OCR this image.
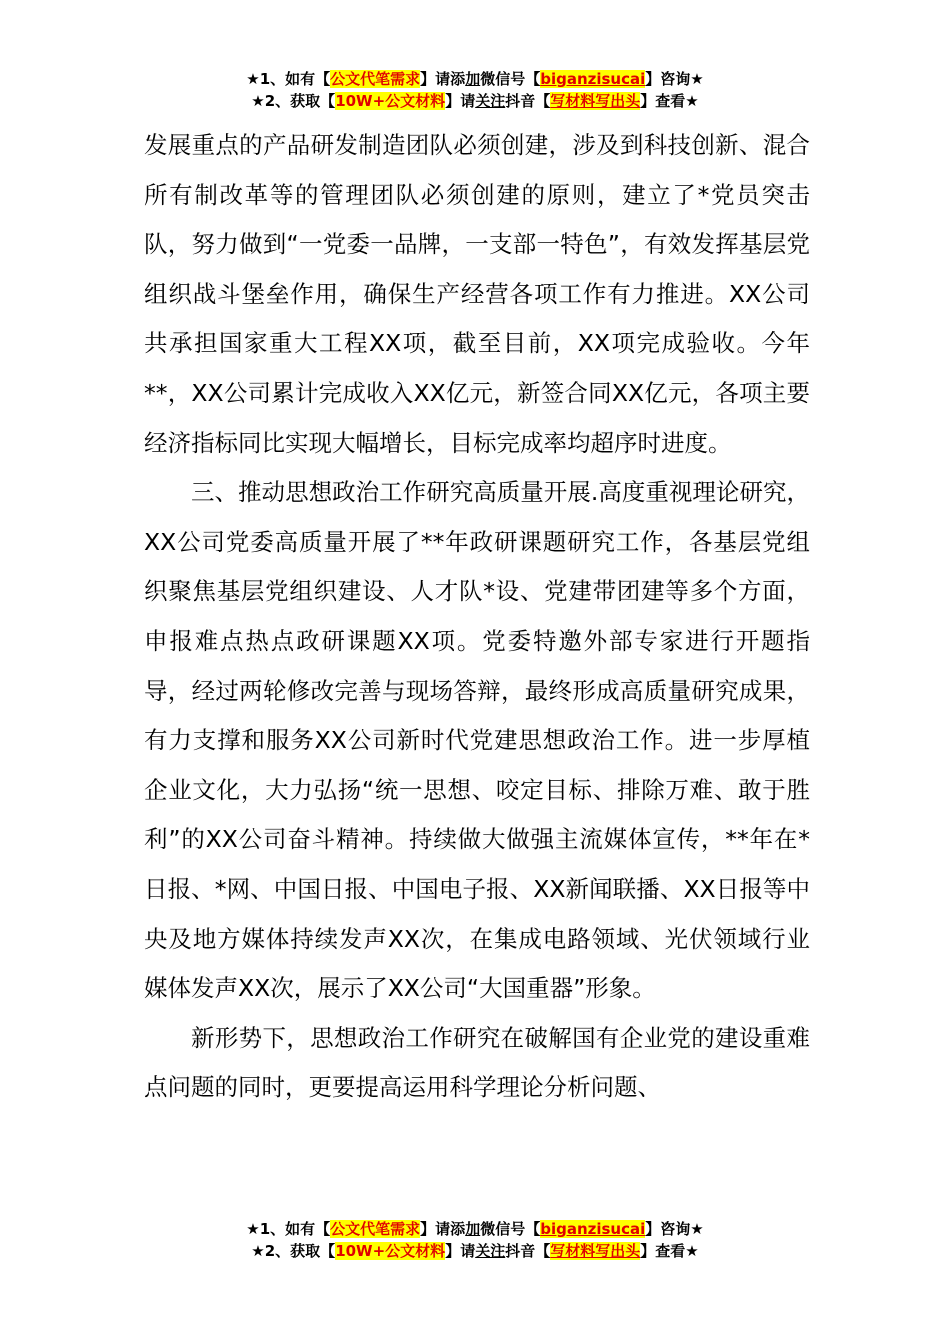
★1、如有【公文代笔需求】请添加微信号【biganzisucai】咨询★
★2、获取【10W+公文材料】请关注抖音【写材料写出头】查看★

发展重点的产品研发制造团队必须创建，涉及到科技创新、混合所有制改革等的管理团队必须创建的原则，建立了*党员突击队，努力做到“一党委一品牌，一支部一特色”，有效发挥基层党组织战斗堡垒作用，确保生产经营各项工作有力推进。XX公司共承担国家重大工程XX项，截至目前，XX项完成验收。今年**，XX公司累计完成收入XX亿元，新签合同XX亿元，各项主要经济指标同比实现大幅增长，目标完成率均超序时进度。

三、推动思想政治工作研究高质量开展.高度重视理论研究，XX公司党委高质量开展了**年政研课题研究工作，各基层党组织聚焦基层党组织建设、人才队*设、党建带团建等多个方面，申报难点热点政研课题XX项。党委特邀外部专家进行开题指导，经过两轮修改完善与现场答辩，最终形成高质量研究成果，有力支撑和服务XX公司新时代党建思想政治工作。进一步厚植企业文化，大力弘扬“统一思想、咬定目标、排除万难、敢于胜利”的XX公司奋斗精神。持续做大做强主流媒体宣传，**年在*日报、*网、中国日报、中国电子报、XX新闻联播、XX日报等中央及地方媒体持续发声XX次，在集成电路领域、光伏领域行业媒体发声XX次，展示了XX公司“大国重器”形象。

新形势下，思想政治工作研究在破解国有企业党的建设重难点问题的同时，更要提高运用科学理论分析问题、

★1、如有【公文代笔需求】请添加微信号【biganzisucai】咨询★
★2、获取【10W+公文材料】请关注抖音【写材料写出头】查看★
